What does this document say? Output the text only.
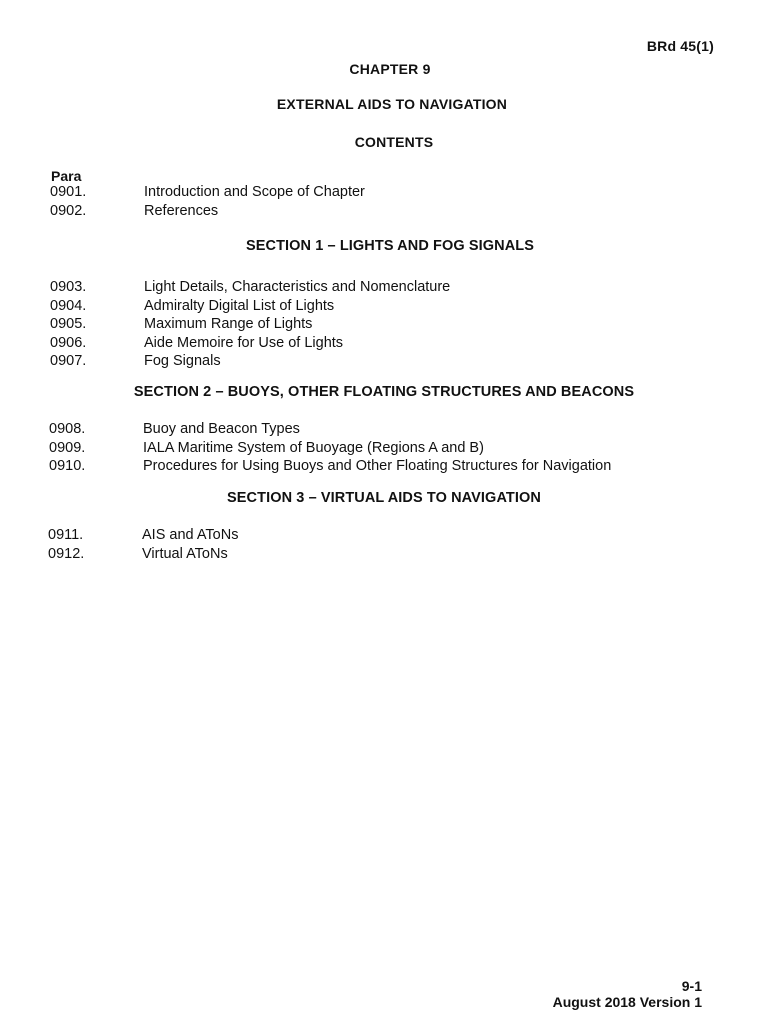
BRd 45(1)
CHAPTER 9
EXTERNAL AIDS TO NAVIGATION
CONTENTS
Para
0901.	Introduction and Scope of Chapter
0902.	References
SECTION 1 – LIGHTS AND FOG SIGNALS
0903.	Light Details, Characteristics and Nomenclature
0904.	Admiralty Digital List of Lights
0905.	Maximum Range of Lights
0906.	Aide Memoire for Use of Lights
0907.	Fog Signals
SECTION 2 – BUOYS, OTHER FLOATING STRUCTURES AND BEACONS
0908.	Buoy and Beacon Types
0909.	IALA Maritime System of Buoyage (Regions A and B)
0910.	Procedures for Using Buoys and Other Floating Structures for Navigation
SECTION 3 – VIRTUAL AIDS TO NAVIGATION
0911.	AIS and AToNs
0912.	Virtual AToNs
9-1
August 2018 Version 1
